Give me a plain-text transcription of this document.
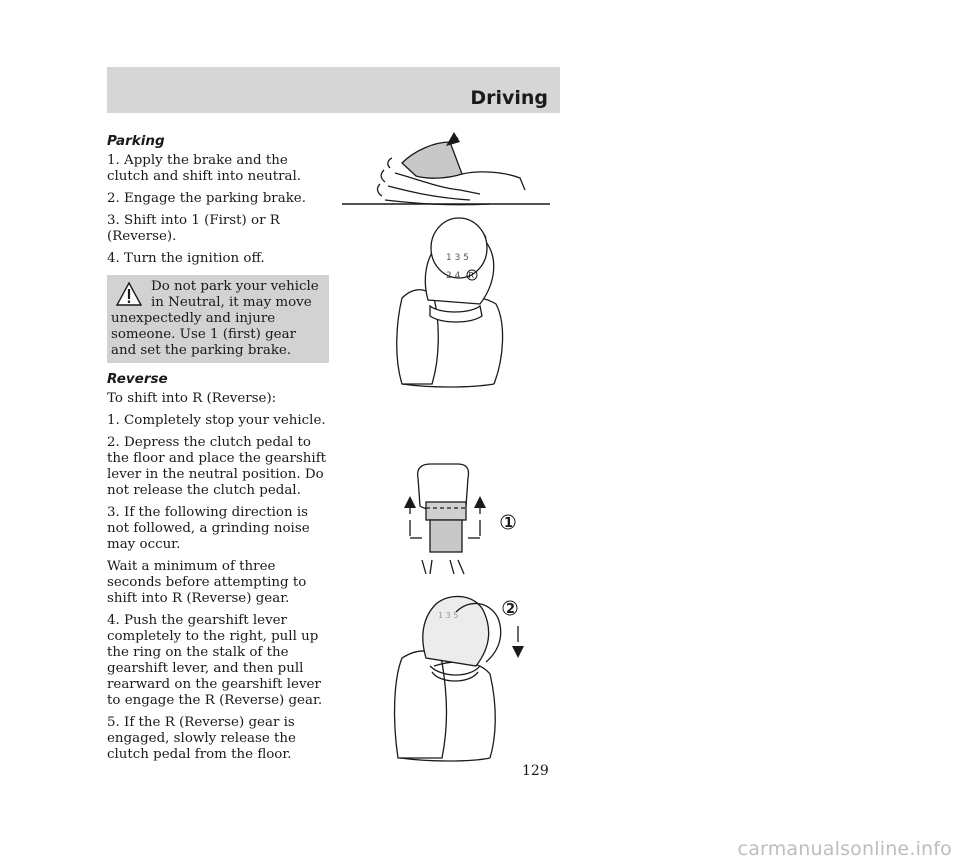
Driving
Parking
1. Apply the brake and the clutch and shift into neutral.
2. Engage the parking brake.
3. Shift into 1 (First) or R (Reverse).
4. Turn the ignition off.
Do not park your vehicle in Neutral, it may move
unexpectedly and injure someone. Use 1 (first) gear and set the parking brake.
Reverse
To shift into R (Reverse):
1. Completely stop your vehicle.
2. Depress the clutch pedal to the floor and place the gearshift lever in the neutral position. Do not release the clutch pedal.
3. If the following direction is not followed, a grinding noise may occur.
Wait a minimum of three seconds before attempting to shift into R (Reverse) gear.
4. Push the gearshift lever completely to the right, pull up the ring on the stalk of the gearshift lever, and then pull rearward on the gearshift lever to engage the R (Reverse) gear.
5. If the R (Reverse) gear is engaged, slowly release the clutch pedal from the floor.
1 3 5
2 4 R
1
1 3 5	2
129
carmanualsonline.info
